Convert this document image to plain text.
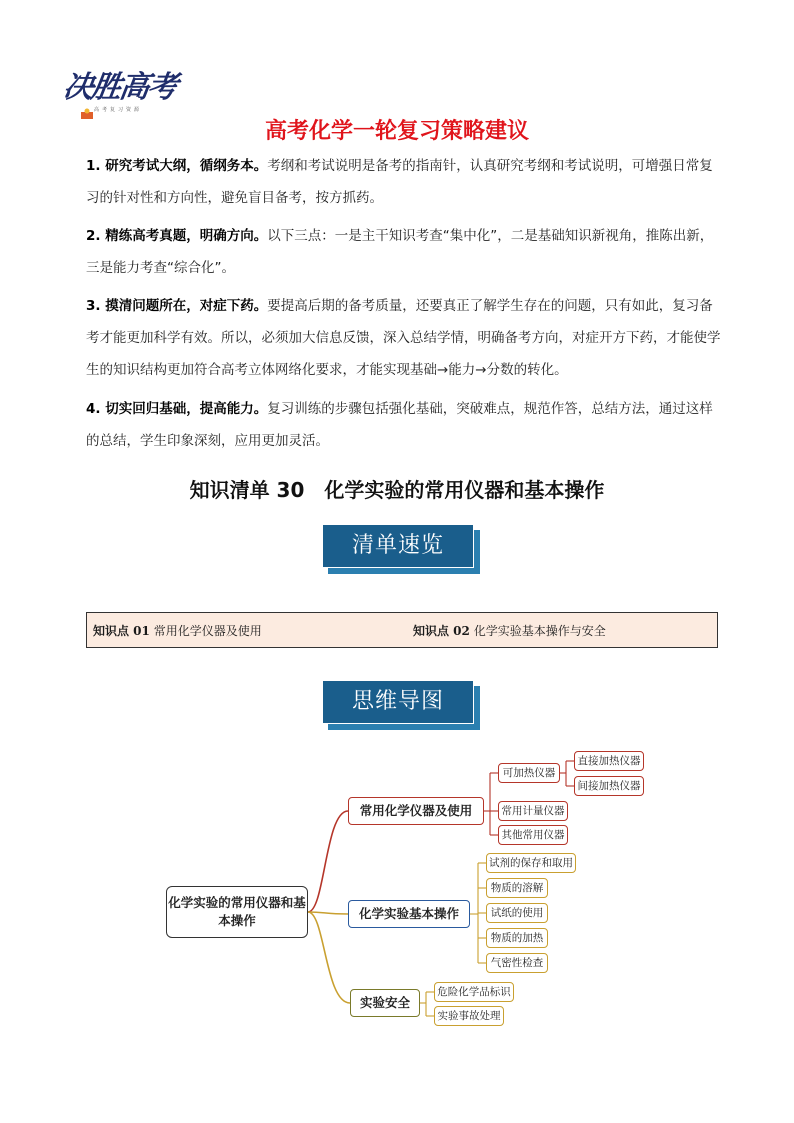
决胜高考
高考复习资源
高考化学一轮复习策略建议
1. 研究考试大纲，循纲务本。考纲和考试说明是备考的指南针，认真研究考纲和考试说明，可增强日常复习的针对性和方向性，避免盲目备考，按方抓药。
2. 精练高考真题，明确方向。以下三点：一是主干知识考查“集中化”，二是基础知识新视角，推陈出新，三是能力考查“综合化”。
3. 摸清问题所在，对症下药。要提高后期的备考质量，还要真正了解学生存在的问题，只有如此，复习备考才能更加科学有效。所以，必须加大信息反馈，深入总结学情，明确备考方向，对症开方下药，才能使学生的知识结构更加符合高考立体网络化要求，才能实现基础→能力→分数的转化。
4. 切实回归基础，提高能力。复习训练的步骤包括强化基础，突破难点，规范作答，总结方法，通过这样的总结，学生印象深刻，应用更加灵活。
知识清单 30　化学实验的常用仪器和基本操作
清单速览
知识点 01 常用化学仪器及使用	知识点 02 化学实验基本操作与安全
思维导图
化学实验的常用仪器和基本操作
常用化学仪器及使用
可加热仪器
直接加热仪器
间接加热仪器
常用计量仪器
其他常用仪器
化学实验基本操作
试剂的保存和取用
物质的溶解
试纸的使用
物质的加热
气密性检查
实验安全
危险化学品标识
实验事故处理
